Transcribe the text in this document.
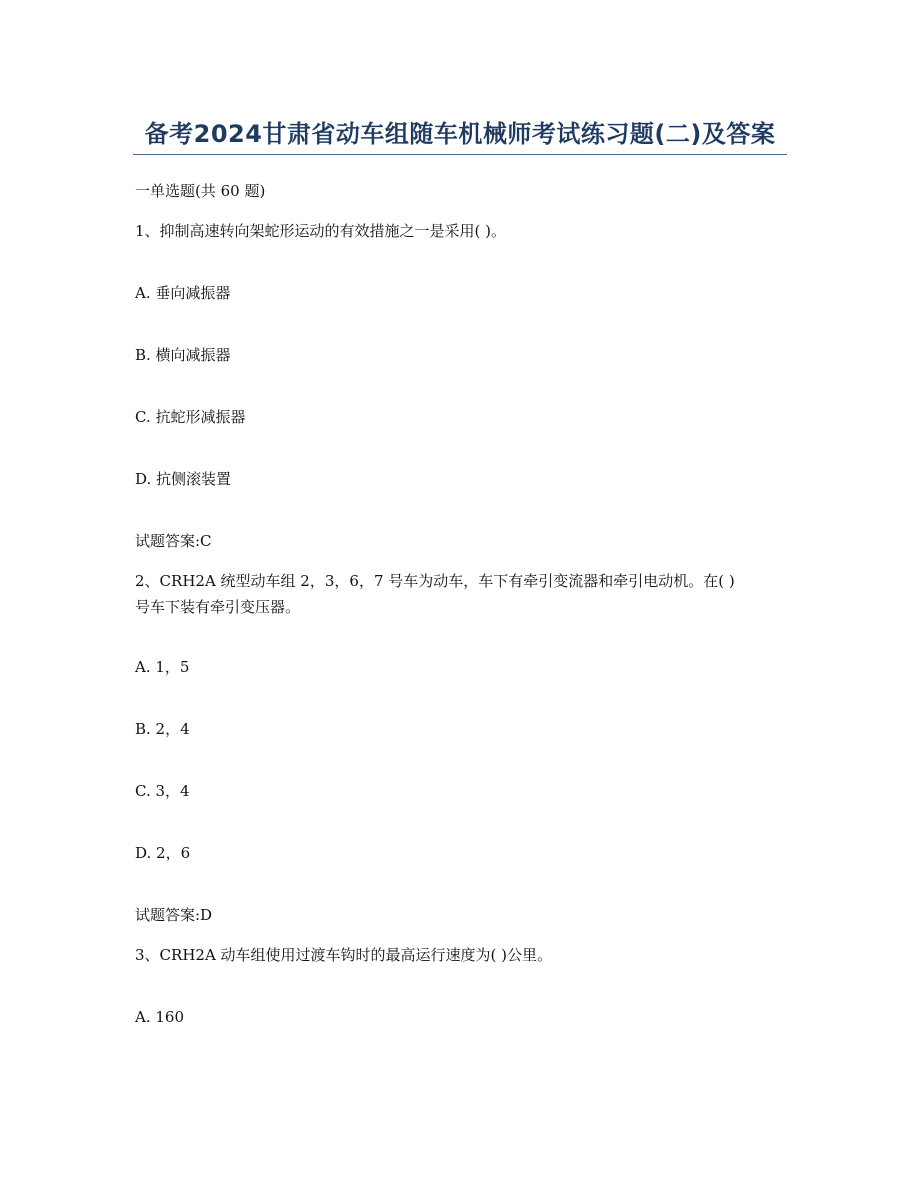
备考2024甘肃省动车组随车机械师考试练习题(二)及答案
一单选题(共 60 题)
1、抑制高速转向架蛇形运动的有效措施之一是采用( )。
A. 垂向减振器
B. 横向减振器
C. 抗蛇形减振器
D. 抗侧滚装置
试题答案:C
2、CRH2A 统型动车组 2，3，6，7 号车为动车，车下有牵引变流器和牵引电动机。在( )
号车下装有牵引变压器。
A. 1，5
B. 2，4
C. 3，4
D. 2，6
试题答案:D
3、CRH2A 动车组使用过渡车钩时的最高运行速度为( )公里。
A. 160
